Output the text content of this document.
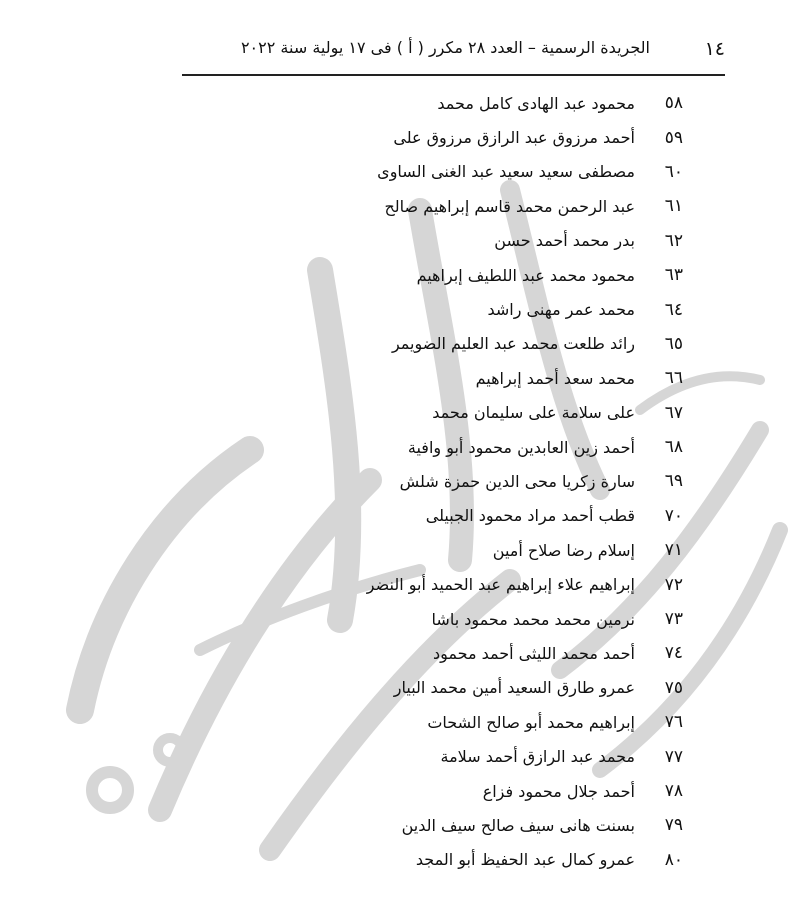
١٤
الجريدة الرسمية – العدد ٢٨ مكرر ( أ ) فى ١٧ يولية سنة ٢٠٢٢
٥٨
محمود عبد الهادى كامل محمد
٥٩
أحمد مرزوق عبد الرازق مرزوق على
٦٠
مصطفى سعيد سعيد عبد الغنى الساوى
٦١
عبد الرحمن محمد قاسم إبراهيم صالح
٦٢
بدر محمد أحمد حسن
٦٣
محمود محمد عبد اللطيف إبراهيم
٦٤
محمد عمر مهنى راشد
٦٥
رائد طلعت محمد عبد العليم الضويمر
٦٦
محمد سعد أحمد إبراهيم
٦٧
على سلامة على سليمان محمد
٦٨
أحمد زين العابدين محمود أبو وافية
٦٩
سارة زكريا محى الدين حمزة شلش
٧٠
قطب أحمد مراد محمود الجبيلى
٧١
إسلام رضا صلاح أمين
٧٢
إبراهيم علاء إبراهيم عبد الحميد أبو النضر
٧٣
نرمين محمد محمد محمود باشا
٧٤
أحمد محمد الليثى أحمد محمود
٧٥
عمرو طارق السعيد أمين محمد البيار
٧٦
إبراهيم محمد أبو صالح الشحات
٧٧
محمد عبد الرازق أحمد سلامة
٧٨
أحمد جلال محمود فزاع
٧٩
بسنت هانى سيف صالح سيف الدين
٨٠
عمرو كمال عبد الحفيظ أبو المجد
